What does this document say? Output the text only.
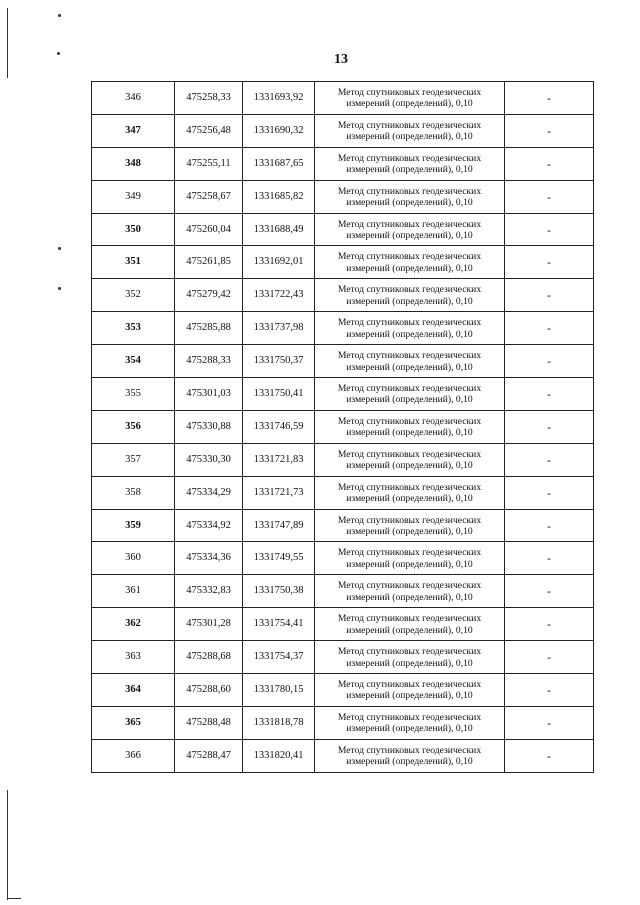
13
346	475258,33	1331693,92	Метод спутниковых геодезических
измерений (определений), 0,10	-
347	475256,48	1331690,32	Метод спутниковых геодезических
измерений (определений), 0,10	-
348	475255,11	1331687,65	Метод спутниковых геодезических
измерений (определений), 0,10	-
349	475258,67	1331685,82	Метод спутниковых геодезических
измерений (определений), 0,10	-
350	475260,04	1331688,49	Метод спутниковых геодезических
измерений (определений), 0,10	-
351	475261,85	1331692,01	Метод спутниковых геодезических
измерений (определений), 0,10	-
352	475279,42	1331722,43	Метод спутниковых геодезических
измерений (определений), 0,10	-
353	475285,88	1331737,98	Метод спутниковых геодезических
измерений (определений), 0,10	-
354	475288,33	1331750,37	Метод спутниковых геодезических
измерений (определений), 0,10	-
355	475301,03	1331750,41	Метод спутниковых геодезических
измерений (определений), 0,10	-
356	475330,88	1331746,59	Метод спутниковых геодезических
измерений (определений), 0,10	-
357	475330,30	1331721,83	Метод спутниковых геодезических
измерений (определений), 0,10	-
358	475334,29	1331721,73	Метод спутниковых геодезических
измерений (определений), 0,10	-
359	475334,92	1331747,89	Метод спутниковых геодезических
измерений (определений), 0,10	-
360	475334,36	1331749,55	Метод спутниковых геодезических
измерений (определений), 0,10	-
361	475332,83	1331750,38	Метод спутниковых геодезических
измерений (определений), 0,10	-
362	475301,28	1331754,41	Метод спутниковых геодезических
измерений (определений), 0,10	-
363	475288,68	1331754,37	Метод спутниковых геодезических
измерений (определений), 0,10	-
364	475288,60	1331780,15	Метод спутниковых геодезических
измерений (определений), 0,10	-
365	475288,48	1331818,78	Метод спутниковых геодезических
измерений (определений), 0,10	-
366	475288,47	1331820,41	Метод спутниковых геодезических
измерений (определений), 0,10	-
